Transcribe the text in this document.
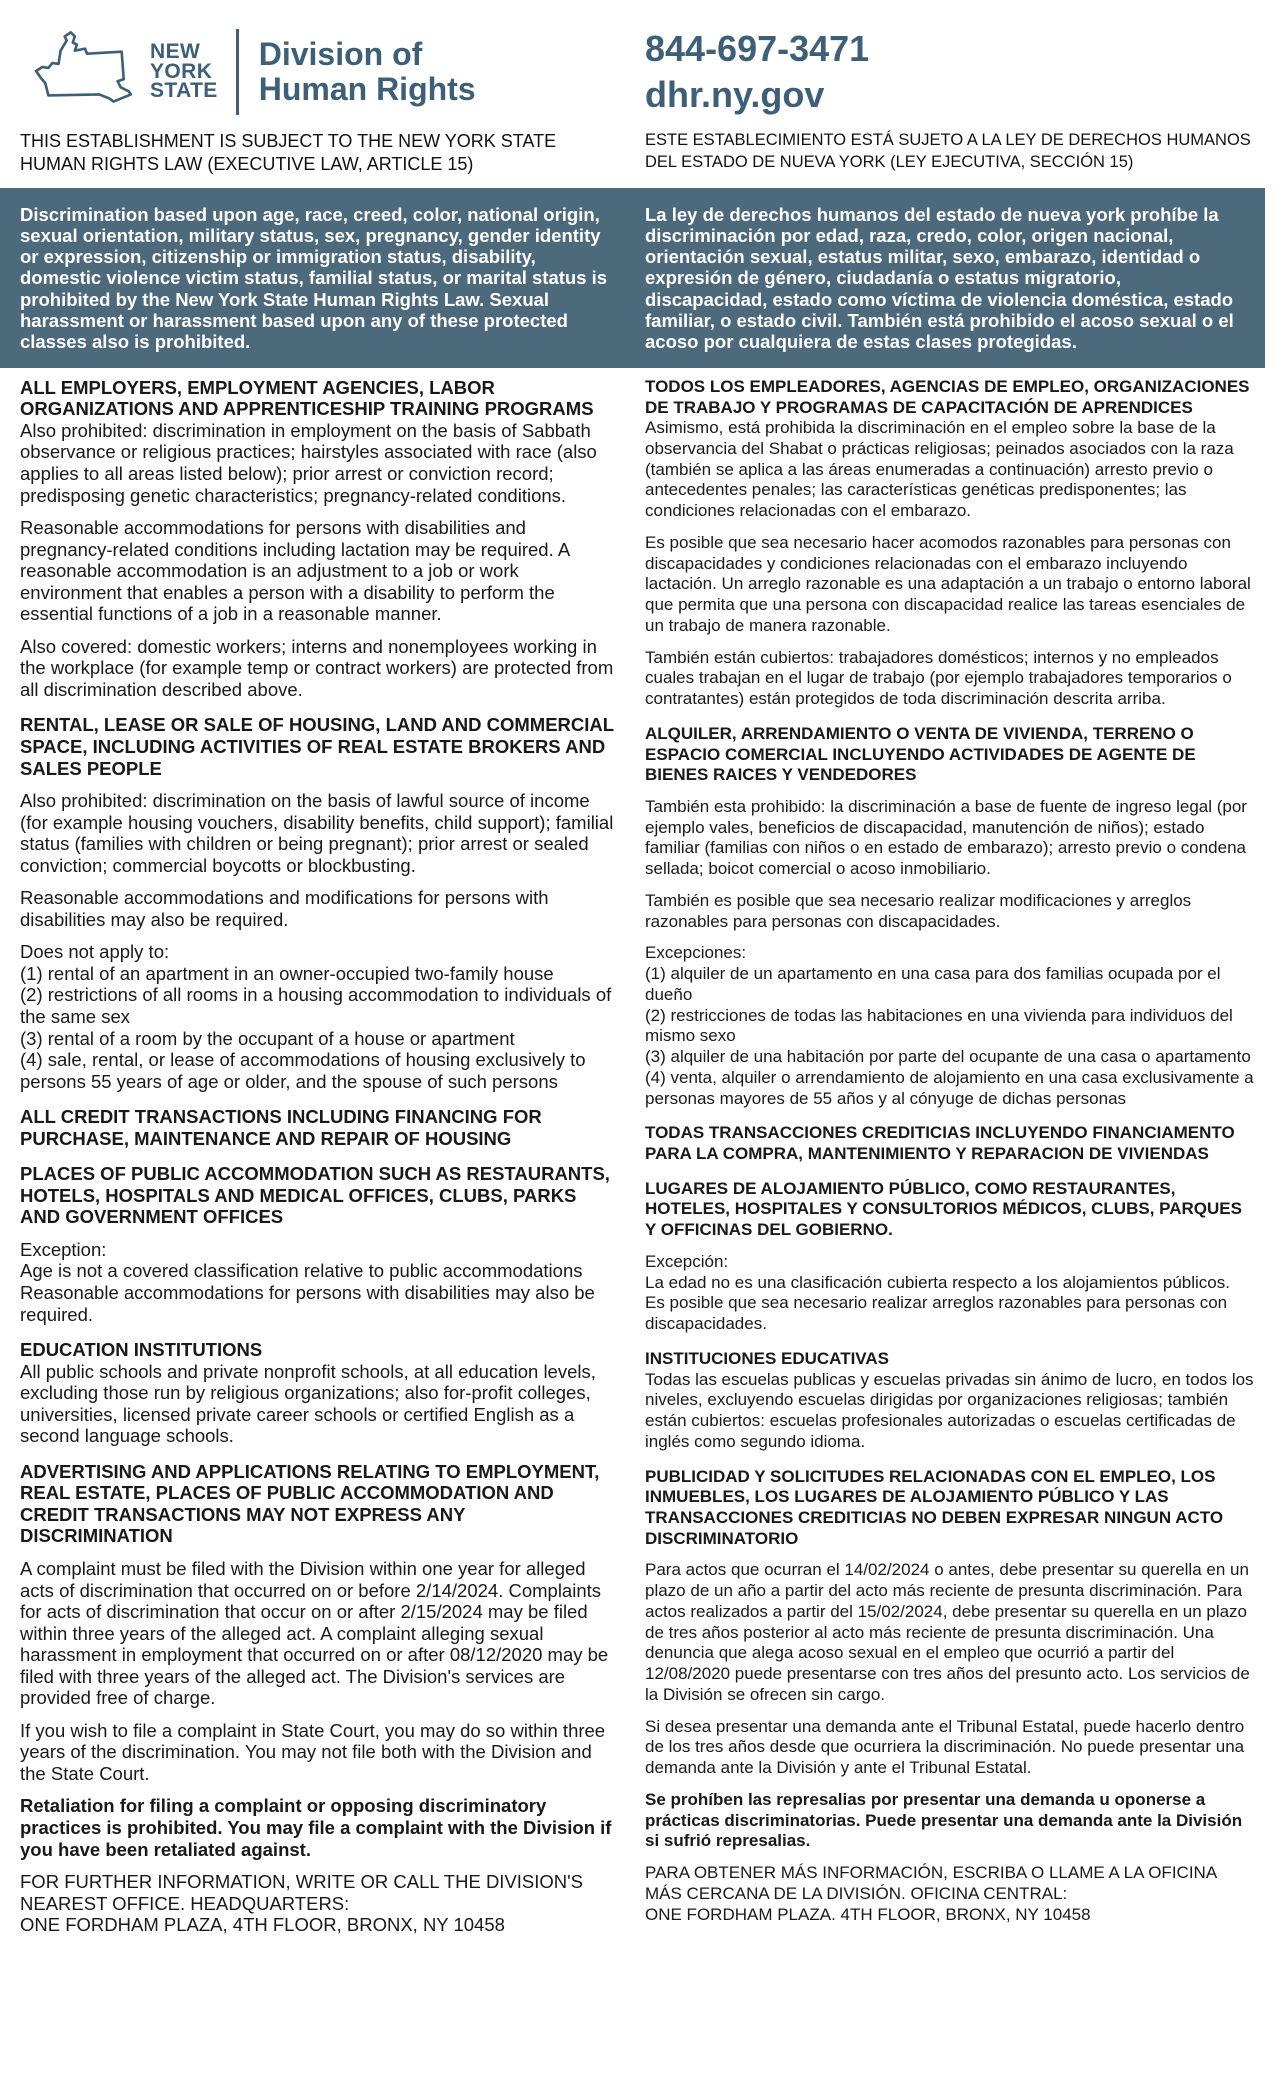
NEW
YORK
STATE
Division of
Human Rights
844-697-3471
dhr.ny.gov
THIS ESTABLISHMENT IS SUBJECT TO THE NEW YORK STATE HUMAN RIGHTS LAW (EXECUTIVE LAW, ARTICLE 15)
ESTE ESTABLECIMIENTO ESTÁ SUJETO A LA LEY DE DERECHOS HUMANOS DEL ESTADO DE NUEVA YORK (LEY EJECUTIVA, SECCIÓN 15)
Discrimination based upon age, race, creed, color, national origin, sexual orientation, military status, sex, pregnancy, gender identity or expression, citizenship or immigration status, disability, domestic violence victim status, familial status, or marital status is prohibited by the New York State Human Rights Law. Sexual harassment or harassment based upon any of these protected classes also is prohibited.
La ley de derechos humanos del estado de nueva york prohíbe la discriminación por edad, raza, credo, color, origen nacional, orientación sexual, estatus militar, sexo, embarazo, identidad o expresión de género, ciudadanía o estatus migratorio, discapacidad, estado como víctima de violencia doméstica, estado familiar, o estado civil. También está prohibido el acoso sexual o el acoso por cualquiera de estas clases protegidas.
ALL EMPLOYERS, EMPLOYMENT AGENCIES, LABOR ORGANIZATIONS AND APPRENTICESHIP TRAINING PROGRAMS
Also prohibited: discrimination in employment on the basis of Sabbath observance or religious practices; hairstyles associated with race (also applies to all areas listed below); prior arrest or conviction record; predisposing genetic characteristics; pregnancy-related conditions.
Reasonable accommodations for persons with disabilities and pregnancy-related conditions including lactation may be required. A reasonable accommodation is an adjustment to a job or work environment that enables a person with a disability to perform the essential functions of a job in a reasonable manner.
Also covered: domestic workers; interns and nonemployees working in the workplace (for example temp or contract workers) are protected from all discrimination described above.
RENTAL, LEASE OR SALE OF HOUSING, LAND AND COMMERCIAL SPACE, INCLUDING ACTIVITIES OF REAL ESTATE BROKERS AND SALES PEOPLE
Also prohibited: discrimination on the basis of lawful source of income (for example housing vouchers, disability benefits, child support); familial status (families with children or being pregnant); prior arrest or sealed conviction; commercial boycotts or blockbusting.
Reasonable accommodations and modifications for persons with disabilities may also be required.
Does not apply to:
(1) rental of an apartment in an owner-occupied two-family house
(2) restrictions of all rooms in a housing accommodation to individuals of the same sex
(3) rental of a room by the occupant of a house or apartment
(4) sale, rental, or lease of accommodations of housing exclusively to persons 55 years of age or older, and the spouse of such persons
ALL CREDIT TRANSACTIONS INCLUDING FINANCING FOR PURCHASE, MAINTENANCE AND REPAIR OF HOUSING
PLACES OF PUBLIC ACCOMMODATION SUCH AS RESTAURANTS, HOTELS, HOSPITALS AND MEDICAL OFFICES, CLUBS, PARKS AND GOVERNMENT OFFICES
Exception:
Age is not a covered classification relative to public accommodations
Reasonable accommodations for persons with disabilities may also be required.
EDUCATION INSTITUTIONS
All public schools and private nonprofit schools, at all education levels, excluding those run by religious organizations; also for-profit colleges, universities, licensed private career schools or certified English as a second language schools.
ADVERTISING AND APPLICATIONS RELATING TO EMPLOYMENT, REAL ESTATE, PLACES OF PUBLIC ACCOMMODATION AND CREDIT TRANSACTIONS MAY NOT EXPRESS ANY DISCRIMINATION
A complaint must be filed with the Division within one year for alleged acts of discrimination that occurred on or before 2/14/2024. Complaints for acts of discrimination that occur on or after 2/15/2024 may be filed within three years of the alleged act. A complaint alleging sexual harassment in employment that occurred on or after 08/12/2020 may be filed with three years of the alleged act. The Division's services are provided free of charge.
If you wish to file a complaint in State Court, you may do so within three years of the discrimination. You may not file both with the Division and the State Court.
Retaliation for filing a complaint or opposing discriminatory practices is prohibited. You may file a complaint with the Division if you have been retaliated against.
FOR FURTHER INFORMATION, WRITE OR CALL THE DIVISION'S NEAREST OFFICE. HEADQUARTERS:
ONE FORDHAM PLAZA, 4TH FLOOR, BRONX, NY 10458
TODOS LOS EMPLEADORES, AGENCIAS DE EMPLEO, ORGANIZACIONES DE TRABAJO Y PROGRAMAS DE CAPACITACIÓN DE APRENDICES
Asimismo, está prohibida la discriminación en el empleo sobre la base de la observancia del Shabat o prácticas religiosas; peinados asociados con la raza (también se aplica a las áreas enumeradas a continuación) arresto previo o antecedentes penales; las características genéticas predisponentes; las condiciones relacionadas con el embarazo.
Es posible que sea necesario hacer acomodos razonables para personas con discapacidades y condiciones relacionadas con el embarazo incluyendo lactación. Un arreglo razonable es una adaptación a un trabajo o entorno laboral que permita que una persona con discapacidad realice las tareas esenciales de un trabajo de manera razonable.
También están cubiertos: trabajadores domésticos; internos y no empleados cuales trabajan en el lugar de trabajo (por ejemplo trabajadores temporarios o contratantes) están protegidos de toda discriminación descrita arriba.
ALQUILER, ARRENDAMIENTO O VENTA DE VIVIENDA, TERRENO O ESPACIO COMERCIAL INCLUYENDO ACTIVIDADES DE AGENTE DE BIENES RAICES Y VENDEDORES
También esta prohibido: la discriminación a base de fuente de ingreso legal (por ejemplo vales, beneficios de discapacidad, manutención de niños); estado familiar (familias con niños o en estado de embarazo); arresto previo o condena sellada; boicot comercial o acoso inmobiliario.
También es posible que sea necesario realizar modificaciones y arreglos razonables para personas con discapacidades.
Excepciones:
(1) alquiler de un apartamento en una casa para dos familias ocupada por el dueño
(2) restricciones de todas las habitaciones en una vivienda para individuos del mismo sexo
(3) alquiler de una habitación por parte del ocupante de una casa o apartamento
(4) venta, alquiler o arrendamiento de alojamiento en una casa exclusivamente a personas mayores de 55 años y al cónyuge de dichas personas
TODAS TRANSACCIONES CREDITICIAS INCLUYENDO FINANCIAMENTO PARA LA COMPRA, MANTENIMIENTO Y REPARACION DE VIVIENDAS
LUGARES DE ALOJAMIENTO PÚBLICO, COMO RESTAURANTES, HOTELES, HOSPITALES Y CONSULTORIOS MÉDICOS, CLUBS, PARQUES Y OFFICINAS DEL GOBIERNO.
Excepción:
La edad no es una clasificación cubierta respecto a los alojamientos públicos.
Es posible que sea necesario realizar arreglos razonables para personas con discapacidades.
INSTITUCIONES EDUCATIVAS
Todas las escuelas publicas y escuelas privadas sin ánimo de lucro, en todos los niveles, excluyendo escuelas dirigidas por organizaciones religiosas; también están cubiertos: escuelas profesionales autorizadas o escuelas certificadas de inglés como segundo idioma.
PUBLICIDAD Y SOLICITUDES RELACIONADAS CON EL EMPLEO, LOS INMUEBLES, LOS LUGARES DE ALOJAMIENTO PÚBLICO Y LAS TRANSACCIONES CREDITICIAS NO DEBEN EXPRESAR NINGUN ACTO DISCRIMINATORIO
Para actos que ocurran el 14/02/2024 o antes, debe presentar su querella en un plazo de un año a partir del acto más reciente de presunta discriminación. Para actos realizados a partir del 15/02/2024, debe presentar su querella en un plazo de tres años posterior al acto más reciente de presunta discriminación. Una denuncia que alega acoso sexual en el empleo que ocurrió a partir del 12/08/2020 puede presentarse con tres años del presunto acto. Los servicios de la División se ofrecen sin cargo.
Si desea presentar una demanda ante el Tribunal Estatal, puede hacerlo dentro de los tres años desde que ocurriera la discriminación. No puede presentar una demanda ante la División y ante el Tribunal Estatal.
Se prohíben las represalias por presentar una demanda u oponerse a prácticas discriminatorias. Puede presentar una demanda ante la División si sufrió represalias.
PARA OBTENER MÁS INFORMACIÓN, ESCRIBA O LLAME A LA OFICINA MÁS CERCANA DE LA DIVISIÓN. OFICINA CENTRAL:
ONE FORDHAM PLAZA. 4TH FLOOR, BRONX, NY 10458
